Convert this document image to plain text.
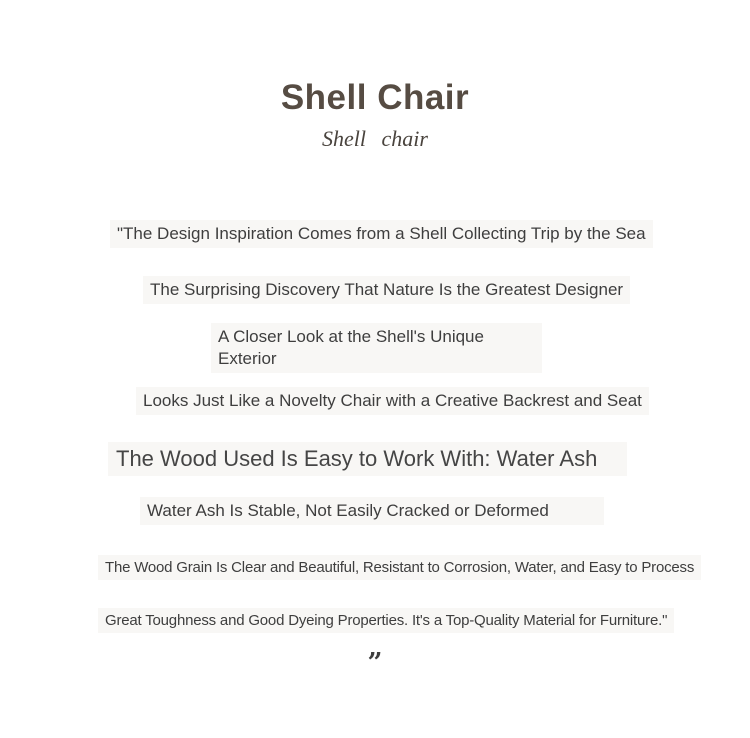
Shell Chair
Shell chair
"The Design Inspiration Comes from a Shell Collecting Trip by the Sea
The Surprising Discovery That Nature Is the Greatest Designer
A Closer Look at the Shell's Unique Exterior
Looks Just Like a Novelty Chair with a Creative Backrest and Seat
The Wood Used Is Easy to Work With: Water Ash
Water Ash Is Stable, Not Easily Cracked or Deformed
The Wood Grain Is Clear and Beautiful, Resistant to Corrosion, Water, and Easy to Process
Great Toughness and Good Dyeing Properties. It's a Top-Quality Material for Furniture."
”
